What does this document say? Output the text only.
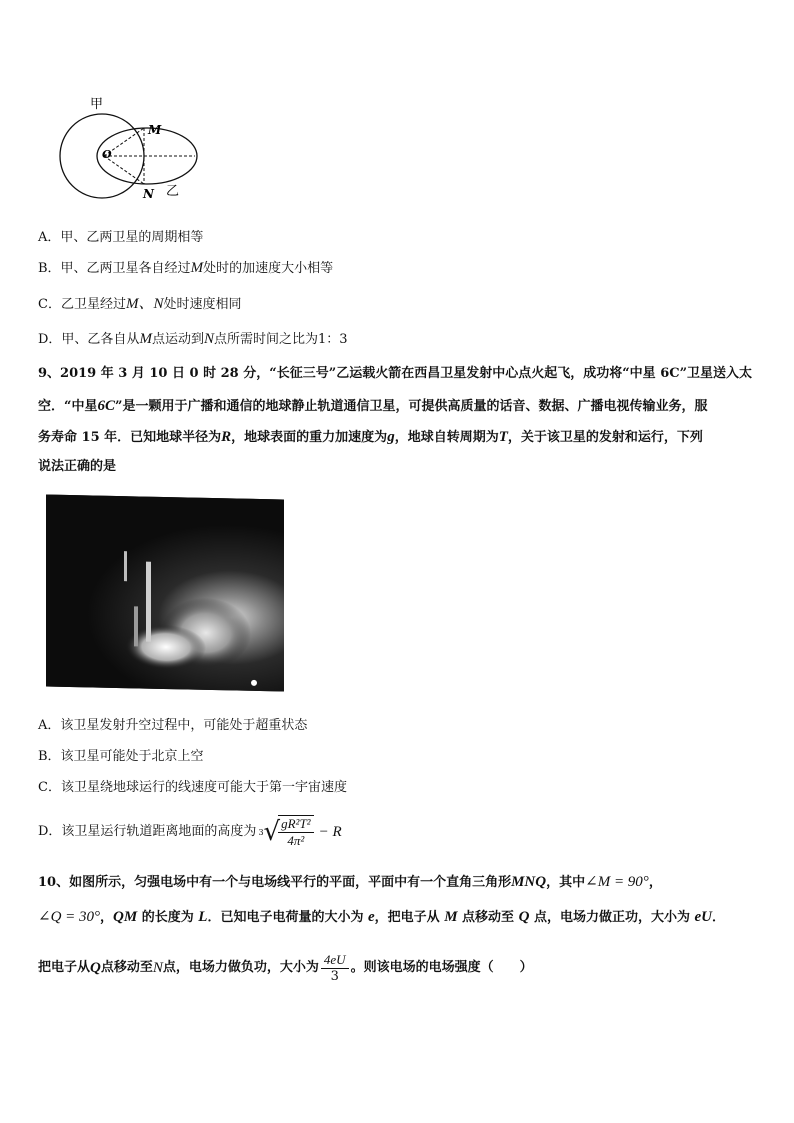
甲
M
O
N 乙
A．甲、乙两卫星的周期相等
B．甲、乙两卫星各自经过M处时的加速度大小相等
C．乙卫星经过M、N处时速度相同
D．甲、乙各自从M点运动到N点所需时间之比为1：3
9、2019 年 3 月 10 日 0 时 28 分，“长征三号”乙运载火箭在西昌卫星发射中心点火起飞，成功将“中星 6C”卫星送入太
空．“中星6C”是一颗用于广播和通信的地球静止轨道通信卫星，可提供高质量的话音、数据、广播电视传输业务，服
务寿命 15 年．已知地球半径为R，地球表面的重力加速度为g，地球自转周期为T，关于该卫星的发射和运行，下列
说法正确的是
A．该卫星发射升空过程中，可能处于超重状态
B．该卫星可能处于北京上空
C．该卫星绕地球运行的线速度可能大于第一宇宙速度
D．该卫星运行轨道距离地面的高度为 3 √
$\frac{\text{gR²T²}}{\text{4π²}} - R$
10、如图所示，匀强电场中有一个与电场线平行的平面，平面中有一个直角三角形MNQ，其中∠M = 90°，
∠Q = 30°，QM 的长度为 L．已知电子电荷量的大小为 e，把电子从 M 点移动至 Q 点，电场力做正功，大小为 eU．
把电子从 Q 点移动至 N 点，电场力做负功，大小为 $\frac{4eU}{3}$ 。则该电场的电场强度（　　）
